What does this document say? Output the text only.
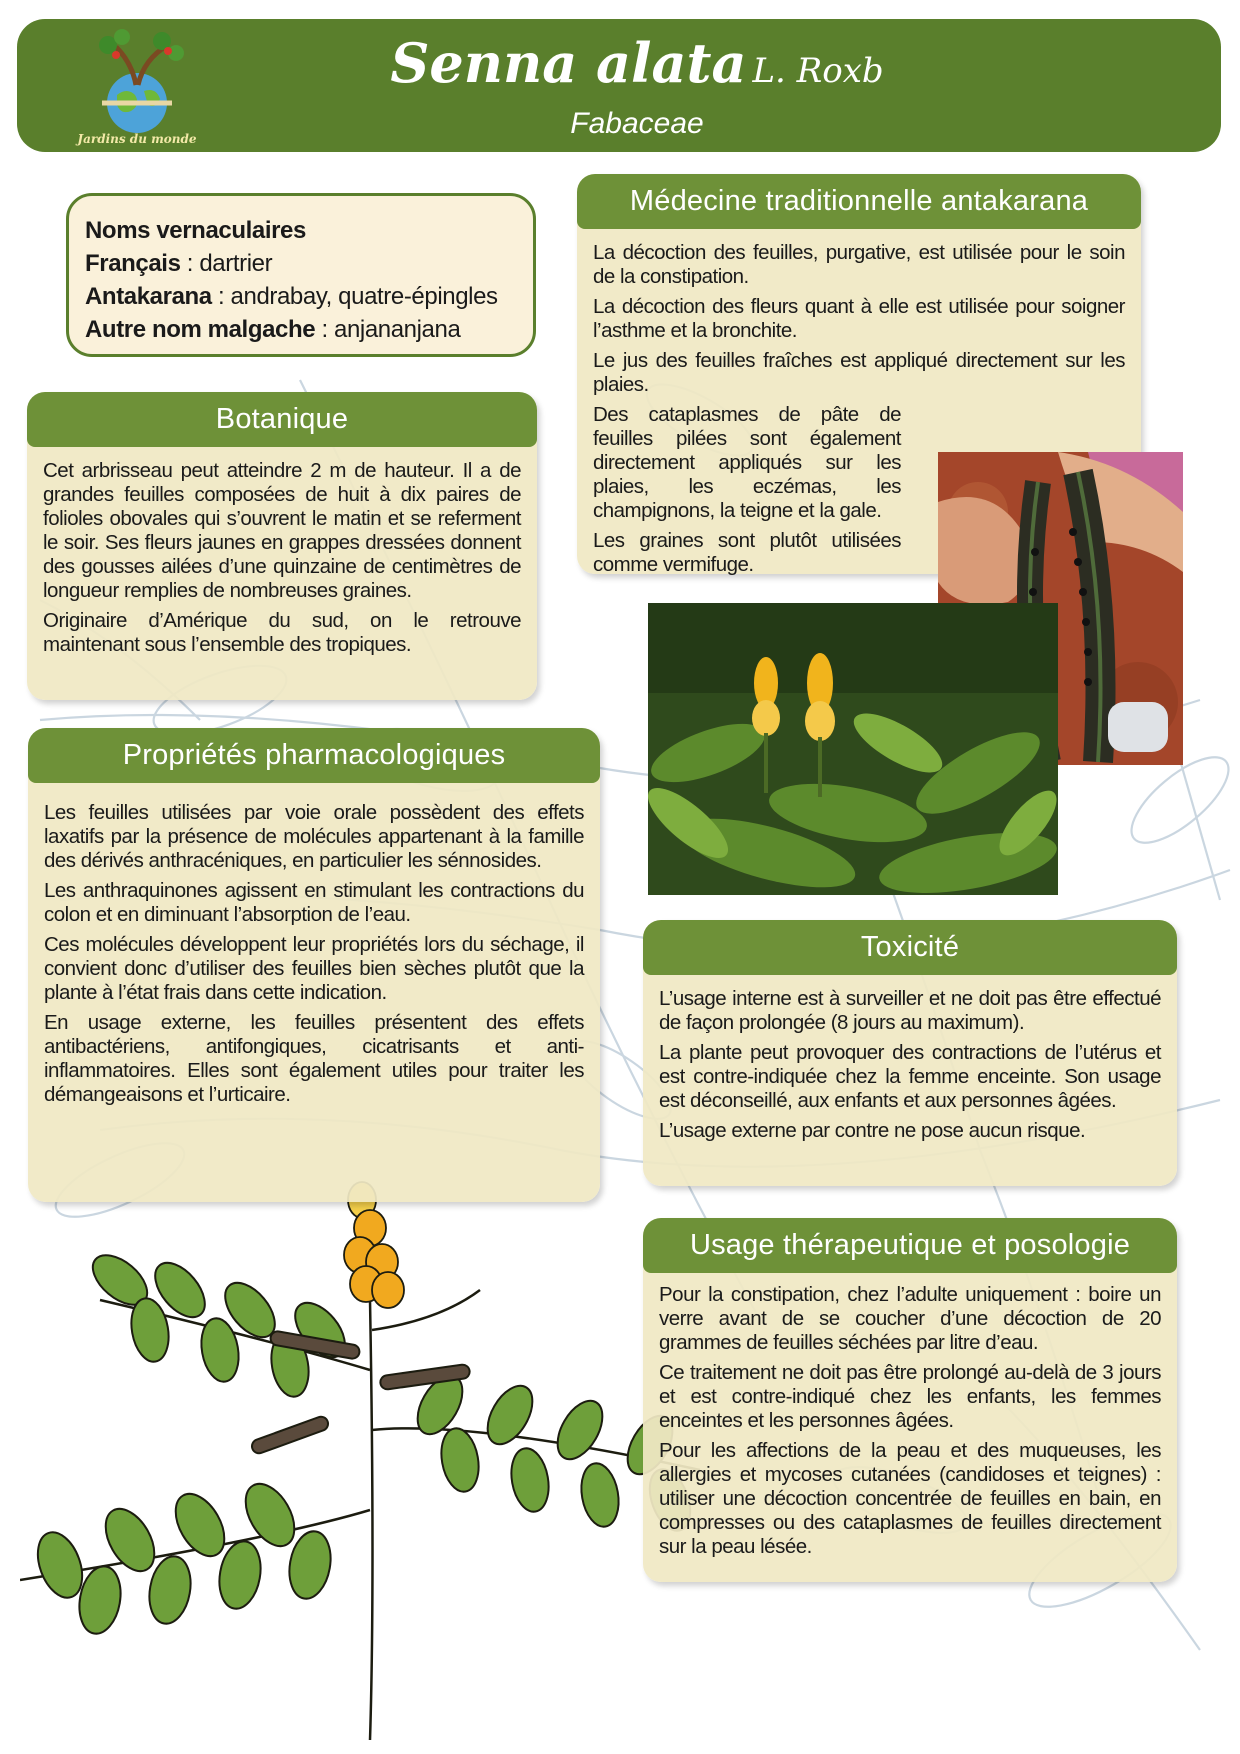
Jardins du monde
Senna alata L. Roxb
Fabaceae
Noms vernaculaires
Français : dartrier
Antakarana : andrabay, quatre-épingles
Autre nom malgache : anjananjana
Botanique

Cet arbrisseau peut atteindre 2 m de hauteur. Il a de grandes feuilles composées de huit à dix paires de folioles obovales qui s’ouvrent le matin et se referment le soir. Ses fleurs jaunes en grappes dressées donnent des gousses ailées d’une quinzaine de centimètres de longueur remplies de nombreuses graines.

Originaire d’Amérique du sud, on le retrouve maintenant sous l’ensemble des tropiques.

Médecine traditionnelle antakarana

La décoction des feuilles, purgative, est utilisée pour le soin de la constipation.

La décoction des fleurs quant à elle est utilisée pour soigner l’asthme et la bronchite.

Le jus des feuilles fraîches est appliqué directement sur les plaies.

Des cataplasmes de pâte de feuilles pilées sont également directement appliqués sur les plaies, les eczémas, les champignons, la teigne et la gale.

Les graines sont plutôt utilisées comme vermifuge.

Propriétés pharmacologiques

Les feuilles utilisées par voie orale possèdent des effets laxatifs par la présence de molécules appartenant à la famille des dérivés anthracéniques, en particulier les sénnosides.

Les anthraquinones agissent en stimulant les contractions du colon et en diminuant l’absorption de l’eau.

Ces molécules développent leur propriétés lors du séchage, il convient donc d’utiliser des feuilles bien sèches plutôt que la plante à l’état frais dans cette indication.

En usage externe, les feuilles présentent des effets antibactériens, antifongiques, cicatrisants et anti-inflammatoires. Elles sont également utiles pour traiter les démangeaisons et l’urticaire.

Toxicité

L’usage interne est à surveiller et ne doit pas être effectué de façon prolongée (8 jours au maximum).

La plante peut provoquer des contractions de l’utérus et est contre-indiquée chez la femme enceinte. Son usage est déconseillé, aux enfants et aux personnes âgées.

L’usage externe par contre ne pose aucun risque.

Usage thérapeutique et posologie

Pour la constipation, chez l’adulte uniquement : boire un verre avant de se coucher d’une décoction de 20 grammes de feuilles séchées par litre d’eau.

Ce traitement ne doit pas être prolongé au-delà de 3 jours et est contre-indiqué chez les enfants, les femmes enceintes et les personnes âgées.

Pour les affections de la peau et des muqueuses, les allergies et mycoses cutanées (candidoses et teignes) : utiliser une décoction concentrée de feuilles en bain, en compresses ou des cataplasmes de feuilles directement sur la peau lésée.
